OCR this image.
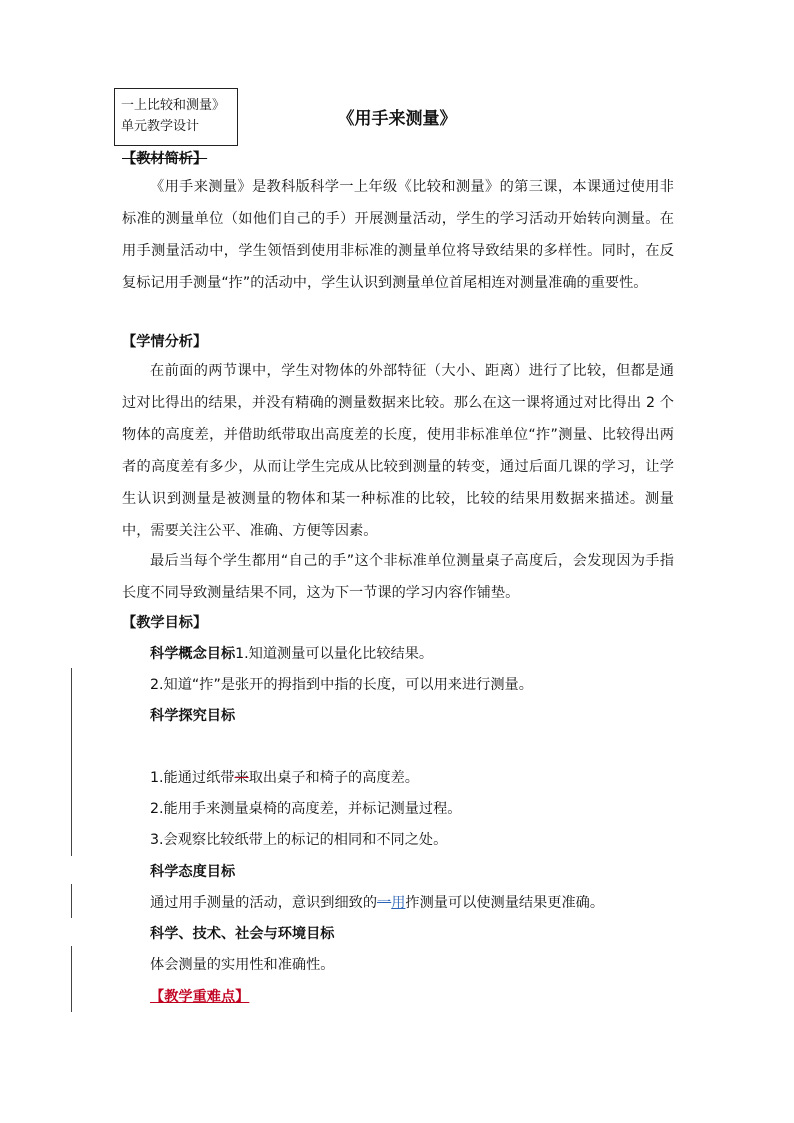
一上比较和测量》
单元教学设计	《用手来测量》
【教材简析】
《用手来测量》是教科版科学一上年级《比较和测量》的第三课，本课通过使用非标准的测量单位（如他们自己的手）开展测量活动，学生的学习活动开始转向测量。在用手测量活动中，学生领悟到使用非标准的测量单位将导致结果的多样性。同时，在反复标记用手测量“拃”的活动中，学生认识到测量单位首尾相连对测量准确的重要性。
【学情分析】
在前面的两节课中，学生对物体的外部特征（大小、距离）进行了比较，但都是通过对比得出的结果，并没有精确的测量数据来比较。那么在这一课将通过对比得出 2 个物体的高度差，并借助纸带取出高度差的长度，使用非标准单位“拃”测量、比较得出两者的高度差有多少，从而让学生完成从比较到测量的转变，通过后面几课的学习，让学生认识到测量是被测量的物体和某一种标准的比较，比较的结果用数据来描述。测量中，需要关注公平、准确、方便等因素。
最后当每个学生都用“自己的手”这个非标准单位测量桌子高度后，会发现因为手指长度不同导致测量结果不同，这为下一节课的学习内容作铺垫。
【教学目标】
科学概念目标1.知道测量可以量化比较结果。
2.知道“拃”是张开的拇指到中指的长度，可以用来进行测量。
科学探究目标
1.能通过纸带来取出桌子和椅子的高度差。
2.能用手来测量桌椅的高度差，并标记测量过程。
3.会观察比较纸带上的标记的相同和不同之处。
科学态度目标
通过用手测量的活动，意识到细致的一用拃测量可以使测量结果更准确。
科学、技术、社会与环境目标
体会测量的实用性和准确性。
【教学重难点】
